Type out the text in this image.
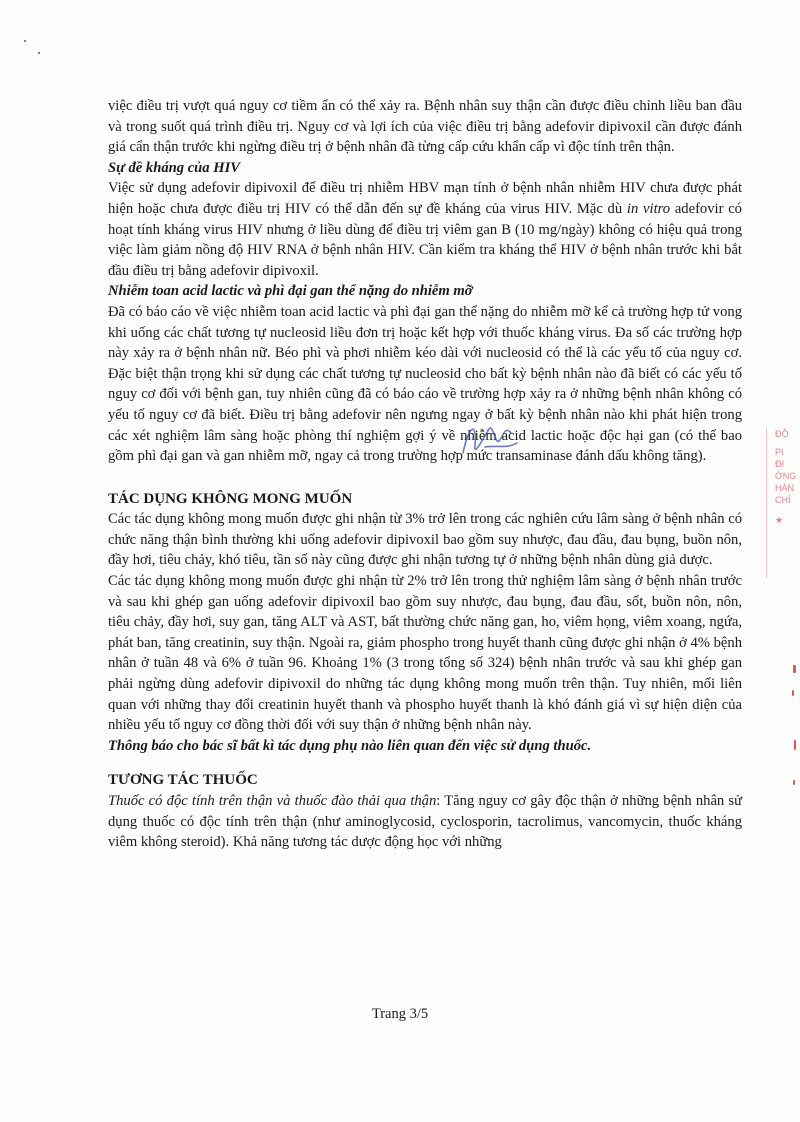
việc điều trị vượt quá nguy cơ tiềm ẩn có thể xảy ra. Bệnh nhân suy thận cần được điều chỉnh liều ban đầu và trong suốt quá trình điều trị. Nguy cơ và lợi ích của việc điều trị bằng adefovir dipivoxil cần được đánh giá cẩn thận trước khi ngừng điều trị ở bệnh nhân đã từng cấp cứu khẩn cấp vì độc tính trên thận.

Sự đề kháng của HIV

Việc sử dụng adefovir dipivoxil để điều trị nhiễm HBV mạn tính ở bệnh nhân nhiễm HIV chưa được phát hiện hoặc chưa được điều trị HIV có thể dẫn đến sự đề kháng của virus HIV. Mặc dù in vitro adefovir có hoạt tính kháng virus HIV nhưng ở liều dùng để điều trị viêm gan B (10 mg/ngày) không có hiệu quả trong việc làm giảm nồng độ HIV RNA ở bệnh nhân HIV. Cần kiểm tra kháng thể HIV ở bệnh nhân trước khi bắt đầu điều trị bằng adefovir dipivoxil.

Nhiễm toan acid lactic và phì đại gan thể nặng do nhiễm mỡ

Đã có báo cáo về việc nhiễm toan acid lactic và phì đại gan thể nặng do nhiễm mỡ kể cả trường hợp tử vong khi uống các chất tương tự nucleosid liều đơn trị hoặc kết hợp với thuốc kháng virus. Đa số các trường hợp này xảy ra ở bệnh nhân nữ. Béo phì và phơi nhiễm kéo dài với nucleosid có thể là các yếu tố của nguy cơ. Đặc biệt thận trọng khi sử dụng các chất tương tự nucleosid cho bất kỳ bệnh nhân nào đã biết có các yếu tố nguy cơ đối với bệnh gan, tuy nhiên cũng đã có báo cáo về trường hợp xảy ra ở những bệnh nhân không có yếu tố nguy cơ đã biết. Điều trị bằng adefovir nên ngưng ngay ở bất kỳ bệnh nhân nào khi phát hiện trong các xét nghiệm lâm sàng hoặc phòng thí nghiệm gợi ý về nhiễm acid lactic hoặc độc hại gan (có thể bao gồm phì đại gan và gan nhiễm mỡ, ngay cả trong trường hợp mức transaminase đánh dấu không tăng).

TÁC DỤNG KHÔNG MONG MUỐN

Các tác dụng không mong muốn được ghi nhận từ 3% trở lên trong các nghiên cứu lâm sàng ở bệnh nhân có chức năng thận bình thường khi uống adefovir dipivoxil bao gồm suy nhược, đau đầu, đau bụng, buồn nôn, đầy hơi, tiêu chảy, khó tiêu, tần số này cũng được ghi nhận tương tự ở những bệnh nhân dùng giả dược.

Các tác dụng không mong muốn được ghi nhận từ 2% trở lên trong thử nghiệm lâm sàng ở bệnh nhân trước và sau khi ghép gan uống adefovir dipivoxil bao gồm suy nhược, đau bụng, đau đầu, sốt, buồn nôn, nôn, tiêu chảy, đầy hơi, suy gan, tăng ALT và AST, bất thường chức năng gan, ho, viêm họng, viêm xoang, ngứa, phát ban, tăng creatinin, suy thận. Ngoài ra, giảm phospho trong huyết thanh cũng được ghi nhận ở 4% bệnh nhân ở tuần 48 và 6% ở tuần 96. Khoảng 1% (3 trong tổng số 324) bệnh nhân trước và sau khi ghép gan phải ngừng dùng adefovir dipivoxil do những tác dụng không mong muốn trên thận. Tuy nhiên, mối liên quan với những thay đổi creatinin huyết thanh và phospho huyết thanh là khó đánh giá vì sự hiện diện của nhiều yếu tố nguy cơ đồng thời đối với suy thận ở những bệnh nhân này.

Thông báo cho bác sĩ bất kì tác dụng phụ nào liên quan đến việc sử dụng thuốc.

TƯƠNG TÁC THUỐC

Thuốc có độc tính trên thận và thuốc đào thải qua thận: Tăng nguy cơ gây độc thận ở những bệnh nhân sử dụng thuốc có độc tính trên thận (như aminoglycosid, cyclosporin, tacrolimus, vancomycin, thuốc kháng viêm không steroid). Khả năng tương tác dược động học với những

ĐỘ
PI
ĐI
ỜNG
HÀN
CHÍ
★
Trang 3/5
